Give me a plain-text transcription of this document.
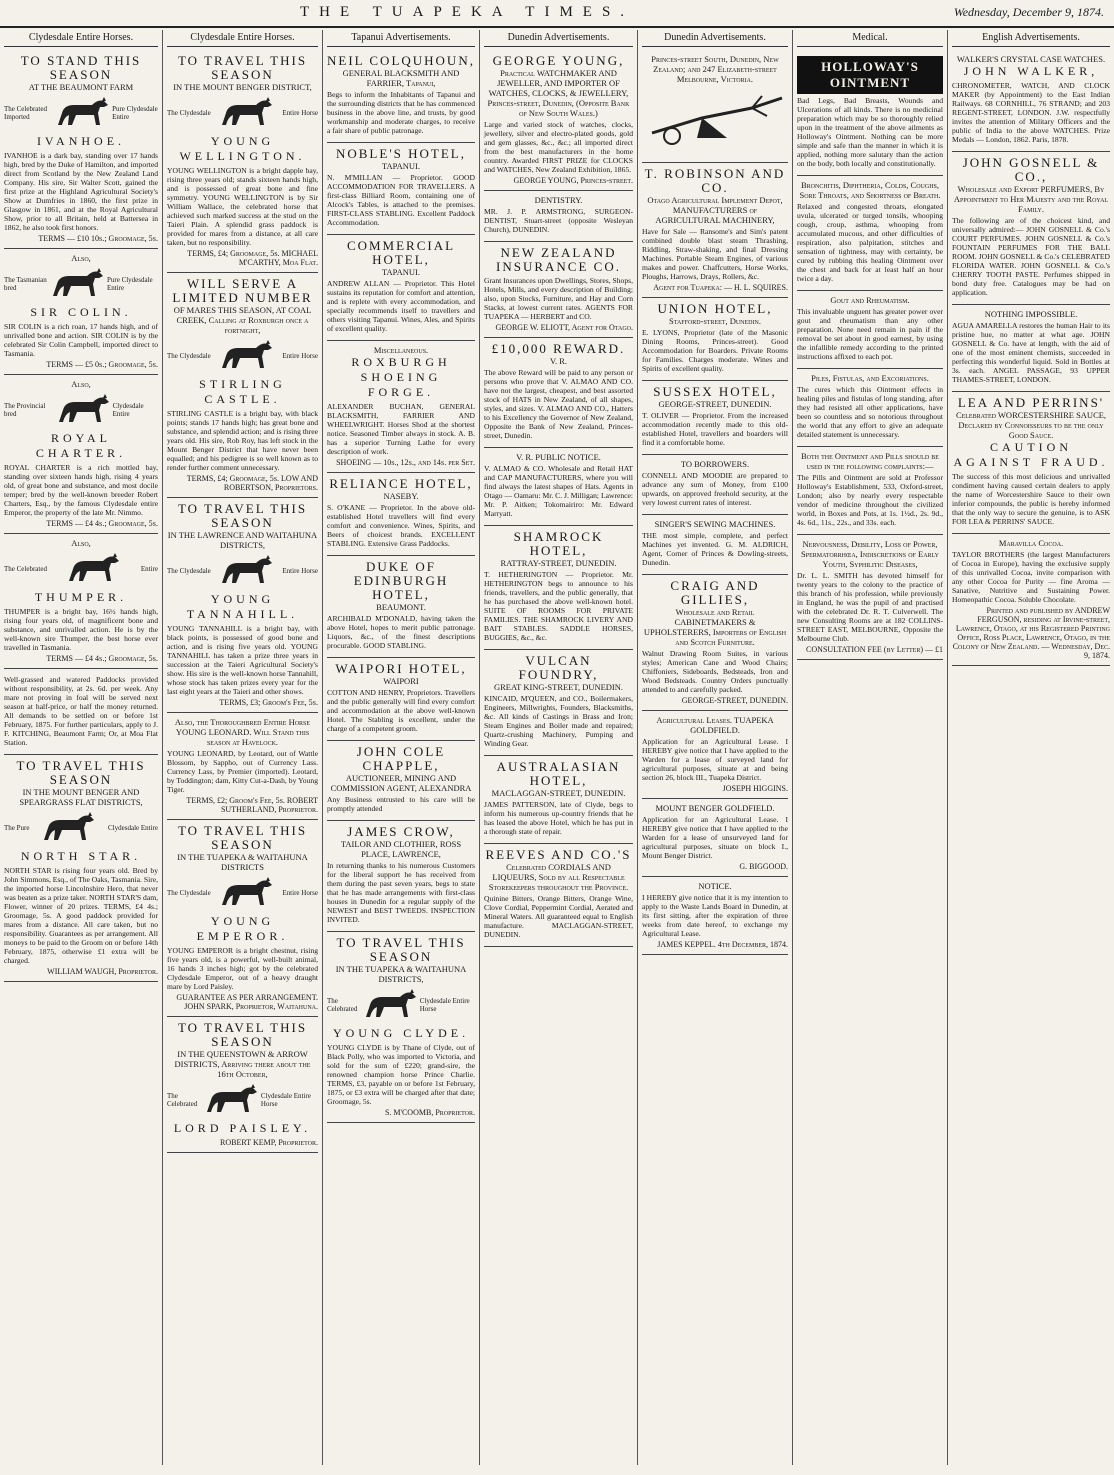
THE TUAPEKA TIMES.	Wednesday, December 9, 1874.
Clydesdale Entire Horses.
TO STAND THIS SEASON
AT THE BEAUMONT FARM
The Celebrated Imported
Pure Clydesdale Entire
IVANHOE.

IVANHOE is a dark bay, standing over 17 hands high, bred by the Duke of Hamilton, and imported direct from Scotland by the New Zealand Land Company. His sire, Sir Walter Scott, gained the first prize at the Highland Agricultural Society's Show at Dumfries in 1860, the first prize in Glasgow in 1861, and at the Royal Agricultural Show, prior to all Britain, held at Battersea in 1862, he also took first honors.

TERMS — £10 10s.; Groomage, 5s.
Also,
The Tasmanian bred
Pure Clydesdale Entire
SIR COLIN.

SIR COLIN is a rich roan, 17 hands high, and of unrivalled bone and action. SIR COLIN is by the celebrated Sir Colin Campbell, imported direct to Tasmania.

TERMS — £5 0s.; Groomage, 5s.
Also,
The Provincial bred
Clydesdale Entire
ROYAL CHARTER.

ROYAL CHARTER is a rich mottled bay, standing over sixteen hands high, rising 4 years old, of great bone and substance, and most docile temper; bred by the well-known breeder Robert Charters, Esq., by the famous Clydesdale entire Emperor, the property of the late Mr. Nimmo.

TERMS — £4 4s.; Groomage, 5s.
Also,
The Celebrated	Entire
THUMPER.

THUMPER is a bright bay, 16½ hands high, rising four years old, of magnificent bone and substance, and unrivalled action. He is by the well-known sire Thumper, the best horse ever travelled in Tasmania.

TERMS — £4 4s.; Groomage, 5s.

Well-grassed and watered Paddocks provided without responsibility, at 2s. 6d. per week. Any mare not proving in foal will be served next season at half-price, or half the money returned. All demands to be settled on or before 1st February, 1875. For further particulars, apply to J. F. KITCHING, Beaumont Farm; Or, at Moa Flat Station.

TO TRAVEL THIS SEASON
IN THE MOUNT BENGER AND SPEARGRASS FLAT DISTRICTS,
The Pure	Clydesdale Entire
NORTH STAR.

NORTH STAR is rising four years old. Bred by John Simmons, Esq., of The Oaks, Tasmania. Sire, the imported horse Lincolnshire Hero, that never was beaten as a prize taker. NORTH STAR'S dam, Flower, winner of 20 prizes. TERMS, £4 4s.; Groomage, 5s. A good paddock provided for mares from a distance. All care taken, but no responsibility. Guarantees as per arrangement. All moneys to be paid to the Groom on or before 14th February, 1875, otherwise £1 extra will be charged.

WILLIAM WAUGH, Proprietor.
Clydesdale Entire Horses.
TO TRAVEL THIS SEASON
IN THE MOUNT BENGER DISTRICT,
The Clydesdale	Entire Horse
YOUNG WELLINGTON.

YOUNG WELLINGTON is a bright dapple bay, rising three years old; stands sixteen hands high, and is possessed of great bone and fine symmetry. YOUNG WELLINGTON is by Sir William Wallace, the celebrated horse that achieved such marked success at the stud on the Taieri Plain. A splendid grass paddock is provided for mares from a distance, at all care taken, but no responsibility.

TERMS, £4; Groomage, 5s. MICHAEL M'CARTHY, Moa Flat.
WILL SERVE A LIMITED NUMBER
OF MARES THIS SEASON, AT COAL CREEK, Calling at Roxburgh once a fortnight,
The Clydesdale	Entire Horse
STIRLING CASTLE.

STIRLING CASTLE is a bright bay, with black points; stands 17 hands high; has great bone and substance, and splendid action; and is rising three years old. His sire, Rob Roy, has left stock in the Mount Benger District that have never been equalled; and his pedigree is so well known as to render further comment unnecessary.

TERMS, £4; Groomage, 5s. LOW AND ROBERTSON, Proprietors.
TO TRAVEL THIS SEASON
IN THE LAWRENCE AND WAITAHUNA DISTRICTS,
The Clydesdale	Entire Horse
YOUNG TANNAHILL.

YOUNG TANNAHILL is a bright bay, with black points, is possessed of good bone and action, and is rising five years old. YOUNG TANNAHILL has taken a prize three years in succession at the Taieri Agricultural Society's show. His sire is the well-known horse Tannahill, whose stock has taken prizes every year for the last eight years at the Taieri and other shows.

TERMS, £3; Groom's Fee, 5s.
Also, the Thoroughbred Entire Horse YOUNG LEONARD. Will Stand this season at Havelock.

YOUNG LEONARD, by Leotard, out of Wattle Blossom, by Sappho, out of Currency Lass. Currency Lass, by Premier (imported). Leotard, by Toddington; dam, Kitty Cut-a-Dash, by Young Tiger.

TERMS, £2; Groom's Fee, 5s. ROBERT SUTHERLAND, Proprietor.
TO TRAVEL THIS SEASON
IN THE TUAPEKA & WAITAHUNA DISTRICTS
The Clydesdale	Entire Horse
YOUNG EMPEROR.

YOUNG EMPEROR is a bright chestnut, rising five years old, is a powerful, well-built animal, 16 hands 3 inches high; got by the celebrated Clydesdale Emperor, out of a heavy draught mare by Lord Paisley.

GUARANTEE AS PER ARRANGEMENT. JOHN SPARK, Proprietor, Waitahuna.
TO TRAVEL THIS SEASON
IN THE QUEENSTOWN & ARROW DISTRICTS, Arriving there about the 16th October,
The Celebrated
Clydesdale Entire Horse
LORD PAISLEY.
ROBERT KEMP, Proprietor.
Tapanui Advertisements.
NEIL COLQUHOUN,
GENERAL BLACKSMITH AND FARRIER, Tapanui,

Begs to inform the Inhabitants of Tapanui and the surrounding districts that he has commenced business in the above line, and trusts, by good workmanship and moderate charges, to receive a fair share of public patronage.

NOBLE'S HOTEL,
TAPANUI.

N. M'MILLAN — Proprietor. GOOD ACCOMMODATION FOR TRAVELLERS. A first-class Billiard Room, containing one of Alcock's Tables, is attached to the premises. FIRST-CLASS STABLING. Excellent Paddock Accommodation.

COMMERCIAL HOTEL,
TAPANUI.

ANDREW ALLAN — Proprietor. This Hotel sustains its reputation for comfort and attention, and is replete with every accommodation, and specially recommends itself to travellers and others visiting Tapanui. Wines, Ales, and Spirits of excellent quality.

Miscellaneous.
ROXBURGH SHOEING FORGE.

ALEXANDER BUCHAN, GENERAL BLACKSMITH, FARRIER AND WHEELWRIGHT. Horses Shod at the shortest notice. Seasoned Timber always in stock. A. B. has a superior Turning Lathe for every description of work.

SHOEING — 10s., 12s., and 14s. per Set.
RELIANCE HOTEL,
NASEBY.

S. O'KANE — Proprietor. In the above old-established Hotel travellers will find every comfort and convenience. Wines, Spirits, and Beers of choicest brands. EXCELLENT STABLING. Extensive Grass Paddocks.

DUKE OF EDINBURGH HOTEL,
BEAUMONT.

ARCHIBALD M'DONALD, having taken the above Hotel, hopes to merit public patronage. Liquors, &c., of the finest descriptions procurable. GOOD STABLING.

WAIPORI HOTEL,
WAIPORI

COTTON AND HENRY, Proprietors. Travellers and the public generally will find every comfort and accommodation at the above well-known Hotel. The Stabling is excellent, under the charge of a competent groom.

JOHN COLE CHAPPLE,
AUCTIONEER, MINING AND COMMISSION AGENT, ALEXANDRA

Any Business entrusted to his care will be promptly attended

JAMES CROW,
TAILOR AND CLOTHIER, ROSS PLACE, LAWRENCE,

In returning thanks to his numerous Customers for the liberal support he has received from them during the past seven years, begs to state that he has made arrangements with first-class houses in Dunedin for a regular supply of the NEWEST and BEST TWEEDS. INSPECTION INVITED.

TO TRAVEL THIS SEASON
IN THE TUAPEKA & WAITAHUNA DISTRICTS,
The Celebrated
Clydesdale Entire Horse
YOUNG CLYDE.

YOUNG CLYDE is by Thane of Clyde, out of Black Polly, who was imported to Victoria, and sold for the sum of £220; grand-sire, the renowned champion horse Prince Charlie. TERMS, £3, payable on or before 1st February, 1875, or £3 extra will be charged after that date; Groomage, 5s.

S. M'COOMB, Proprietor.
Dunedin Advertisements.
GEORGE YOUNG,
Practical WATCHMAKER AND JEWELLER, AND IMPORTER OF WATCHES, CLOCKS, & JEWELLERY, Princes-street, Dunedin, (Opposite Bank of New South Wales.)

Large and varied stock of watches, clocks, jewellery, silver and electro-plated goods, gold and gem glasses, &c., &c.; all imported direct from the best manufacturers in the home country. Awarded FIRST PRIZE for CLOCKS and WATCHES, New Zealand Exhibition, 1865.

GEORGE YOUNG, Princes-street.
DENTISTRY.

MR. J. P. ARMSTRONG, SURGEON-DENTIST, Stuart-street (opposite Wesleyan Church), DUNEDIN.

NEW ZEALAND INSURANCE CO.

Grant Insurances upon Dwellings, Stores, Shops, Hotels, Mills, and every description of Building; also, upon Stocks, Furniture, and Hay and Corn Stacks, at lowest current rates. AGENTS FOR TUAPEKA — HERBERT and CO.

GEORGE W. ELIOTT, Agent for Otago.
£10,000 REWARD.
V. R.

The above Reward will be paid to any person or persons who prove that V. ALMAO AND CO. have not the largest, cheapest, and best assorted stock of HATS in New Zealand, of all shapes, styles, and sizes. V. ALMAO AND CO., Hatters to his Excellency the Governor of New Zealand, Opposite the Bank of New Zealand, Princes-street, Dunedin.

V. R. PUBLIC NOTICE.

V. ALMAO & CO. Wholesale and Retail HAT and CAP MANUFACTURERS, where you will find always the latest shapes of Hats. Agents in Otago — Oamaru: Mr. C. J. Milligan; Lawrence: Mr. P. Aitken; Tokomairiro: Mr. Edward Marryatt.

SHAMROCK HOTEL,
RATTRAY-STREET, DUNEDIN.

T. HETHERINGTON — Proprietor. Mr. HETHERINGTON begs to announce to his friends, travellers, and the public generally, that he has purchased the above well-known hotel. SUITE OF ROOMS FOR PRIVATE FAMILIES. THE SHAMROCK LIVERY AND BAIT STABLES. SADDLE HORSES, BUGGIES, &c., &c.

VULCAN FOUNDRY,
GREAT KING-STREET, DUNEDIN.

KINCAID, M'QUEEN, and CO., Boilermakers, Engineers, Millwrights, Founders, Blacksmiths, &c. All kinds of Castings in Brass and Iron; Steam Engines and Boiler made and repaired; Quartz-crushing Machinery, Pumping and Winding Gear.

AUSTRALASIAN HOTEL,
MACLAGGAN-STREET, DUNEDIN.

JAMES PATTERSON, late of Clyde, begs to inform his numerous up-country friends that he has leased the above Hotel, which he has put in a thorough state of repair.

REEVES AND CO.'S
Celebrated CORDIALS AND LIQUEURS, Sold by all Respectable Storekeepers throughout the Province.

Quinine Bitters, Orange Bitters, Orange Wine, Clove Cordial, Peppermint Cordial, Aerated and Mineral Waters. All guaranteed equal to English manufacture. MACLAGGAN-STREET, DUNEDIN.

Dunedin Advertisements.
Princes-street South, Dunedin, New Zealand; and 247 Elizabeth-street Melbourne, Victoria.
T. ROBINSON AND CO.
Otago Agricultural Implement Depot, MANUFACTURERS of AGRICULTURAL MACHINERY,

Have for Sale — Ransome's and Sim's patent combined double blast steam Thrashing, Riddling, Straw-shaking, and final Dressing Machines. Portable Steam Engines, of various makes and power. Chaffcutters, Horse Works, Ploughs, Harrows, Drays, Rollers, &c.

Agent for Tuapeka: — H. L. SQUIRES.
UNION HOTEL,
Stafford-street, Dunedin.

E. LYONS, Proprietor (late of the Masonic Dining Rooms, Princes-street). Good Accommodation for Boarders. Private Rooms for Families. Charges moderate. Wines and Spirits of excellent quality.

SUSSEX HOTEL,
GEORGE-STREET, DUNEDIN.

T. OLIVER — Proprietor. From the increased accommodation recently made to this old-established Hotel, travellers and boarders will find it a comfortable home.

TO BORROWERS.

CONNELL AND MOODIE are prepared to advance any sum of Money, from £100 upwards, on approved freehold security, at the very lowest current rates of interest.

SINGER'S SEWING MACHINES.

THE most simple, complete, and perfect Machines yet invented. G. M. ALDRICH, Agent, Corner of Princes & Dowling-streets, Dunedin.

CRAIG AND GILLIES,
Wholesale and Retail CABINETMAKERS & UPHOLSTERERS, Importers of English and Scotch Furniture.

Walnut Drawing Room Suites, in various styles; American Cane and Wood Chairs; Chiffoniers, Sideboards, Bedsteads, Iron and Wood Bedsteads. Country Orders punctually attended to and carefully packed.

GEORGE-STREET, DUNEDIN.
Agricultural Leases. TUAPEKA GOLDFIELD.

Application for an Agricultural Lease. I HEREBY give notice that I have applied to the Warden for a lease of surveyed land for agricultural purposes, situate at and being section 26, block III., Tuapeka District.

JOSEPH HIGGINS.
MOUNT BENGER GOLDFIELD.

Application for an Agricultural Lease. I HEREBY give notice that I have applied to the Warden for a lease of unsurveyed land for agricultural purposes, situate on block I., Mount Benger District.

G. BIGGOOD.
NOTICE.

I HEREBY give notice that it is my intention to apply to the Waste Lands Board in Dunedin, at its first sitting, after the expiration of three weeks from date hereof, to exchange my Agricultural Lease.

JAMES KEPPEL. 4th December, 1874.
Medical.
HOLLOWAY'S OINTMENT

Bad Legs, Bad Breasts, Wounds and Ulcerations of all kinds. There is no medicinal preparation which may be so thoroughly relied upon in the treatment of the above ailments as Holloway's Ointment. Nothing can be more simple and safe than the manner in which it is applied, nothing more salutary than the action on the body, both locally and constitutionally.

Bronchitis, Diphtheria, Colds, Coughs, Sore Throats, and Shortness of Breath.

Relaxed and congested throats, elongated uvula, ulcerated or turged tonsils, whooping cough, croup, asthma, whooping from accumulated mucous, and other difficulties of respiration, also palpitation, stitches and sensation of tightness, may with certainty, be cured by rubbing this healing Ointment over the chest and back for at least half an hour twice a day.

Gout and Rheumatism.

This invaluable unguent has greater power over gout and rheumatism than any other preparation. None need remain in pain if the removal be set about in good earnest, by using the infallible remedy according to the printed instructions affixed to each pot.

Piles, Fistulas, and Excoriations.

The cures which this Ointment effects in healing piles and fistulas of long standing, after they had resisted all other applications, have been so countless and so notorious throughout the world that any effort to give an adequate detailed statement is unnecessary.

Both the Ointment and Pills should be used in the following complaints:—

The Pills and Ointment are sold at Professor Holloway's Establishment, 533, Oxford-street, London; also by nearly every respectable vendor of medicine throughout the civilized world, in Boxes and Pots, at 1s. 1½d., 2s. 9d., 4s. 6d., 11s., 22s., and 33s. each.

Nervousness, Debility, Loss of Power, Spermatorrhœa, Indiscretions of Early Youth, Syphilitic Diseases,

Dr. L. L. SMITH has devoted himself for twenty years to the colony to the practice of this branch of his profession, while previously in England, he was the pupil of and practised with the celebrated Dr. R. T. Culverwell. The new Consulting Rooms are at 182 COLLINS-STREET EAST, MELBOURNE, Opposite the Melbourne Club.

CONSULTATION FEE (by Letter) — £1
English Advertisements.
WALKER'S CRYSTAL CASE WATCHES.
JOHN WALKER,

CHRONOMETER, WATCH, AND CLOCK MAKER (by Appointment) to the East Indian Railways. 68 CORNHILL, 76 STRAND; and 203 REGENT-STREET, LONDON. J.W. respectfully invites the attention of Military Officers and the public of India to the above WATCHES. Prize Medals — London, 1862. Paris, 1878.

JOHN GOSNELL & CO.,
Wholesale and Export PERFUMERS, By Appointment to Her Majesty and the Royal Family.

The following are of the choicest kind, and universally admired:— JOHN GOSNELL & Co.'s COURT PERFUMES. JOHN GOSNELL & Co.'s FOUNTAIN PERFUMES FOR THE BALL ROOM. JOHN GOSNELL & Co.'s CELEBRATED FLORIDA WATER. JOHN GOSNELL & Co.'s CHERRY TOOTH PASTE. Perfumes shipped in bond duty free. Catalogues may be had on application.

NOTHING IMPOSSIBLE.

AGUA AMARELLA restores the human Hair to its pristine hue, no matter at what age. JOHN GOSNELL & Co. have at length, with the aid of one of the most eminent chemists, succeeded in perfecting this wonderful liquid. Sold in Bottles at 3s. each. ANGEL PASSAGE, 93 UPPER THAMES-STREET, LONDON.

LEA AND PERRINS'
Celebrated WORCESTERSHIRE SAUCE, Declared by Connoisseurs to be the only Good Sauce.
CAUTION AGAINST FRAUD.

The success of this most delicious and unrivalled condiment having caused certain dealers to apply the name of Worcestershire Sauce to their own inferior compounds, the public is hereby informed that the only way to secure the genuine, is to ASK FOR LEA & PERRINS' SAUCE.

Maravilla Cocoa.

TAYLOR BROTHERS (the largest Manufacturers of Cocoa in Europe), having the exclusive supply of this unrivalled Cocoa, invite comparison with any other Cocoa for Purity — fine Aroma — Sanative, Nutritive and Sustaining Power. Homeopathic Cocoa. Soluble Chocolate.

Printed and published by ANDREW FERGUSON, residing at Irvine-street, Lawrence, Otago, at his Registered Printing Office, Ross Place, Lawrence, Otago, in the Colony of New Zealand. — Wednesday, Dec. 9, 1874.
